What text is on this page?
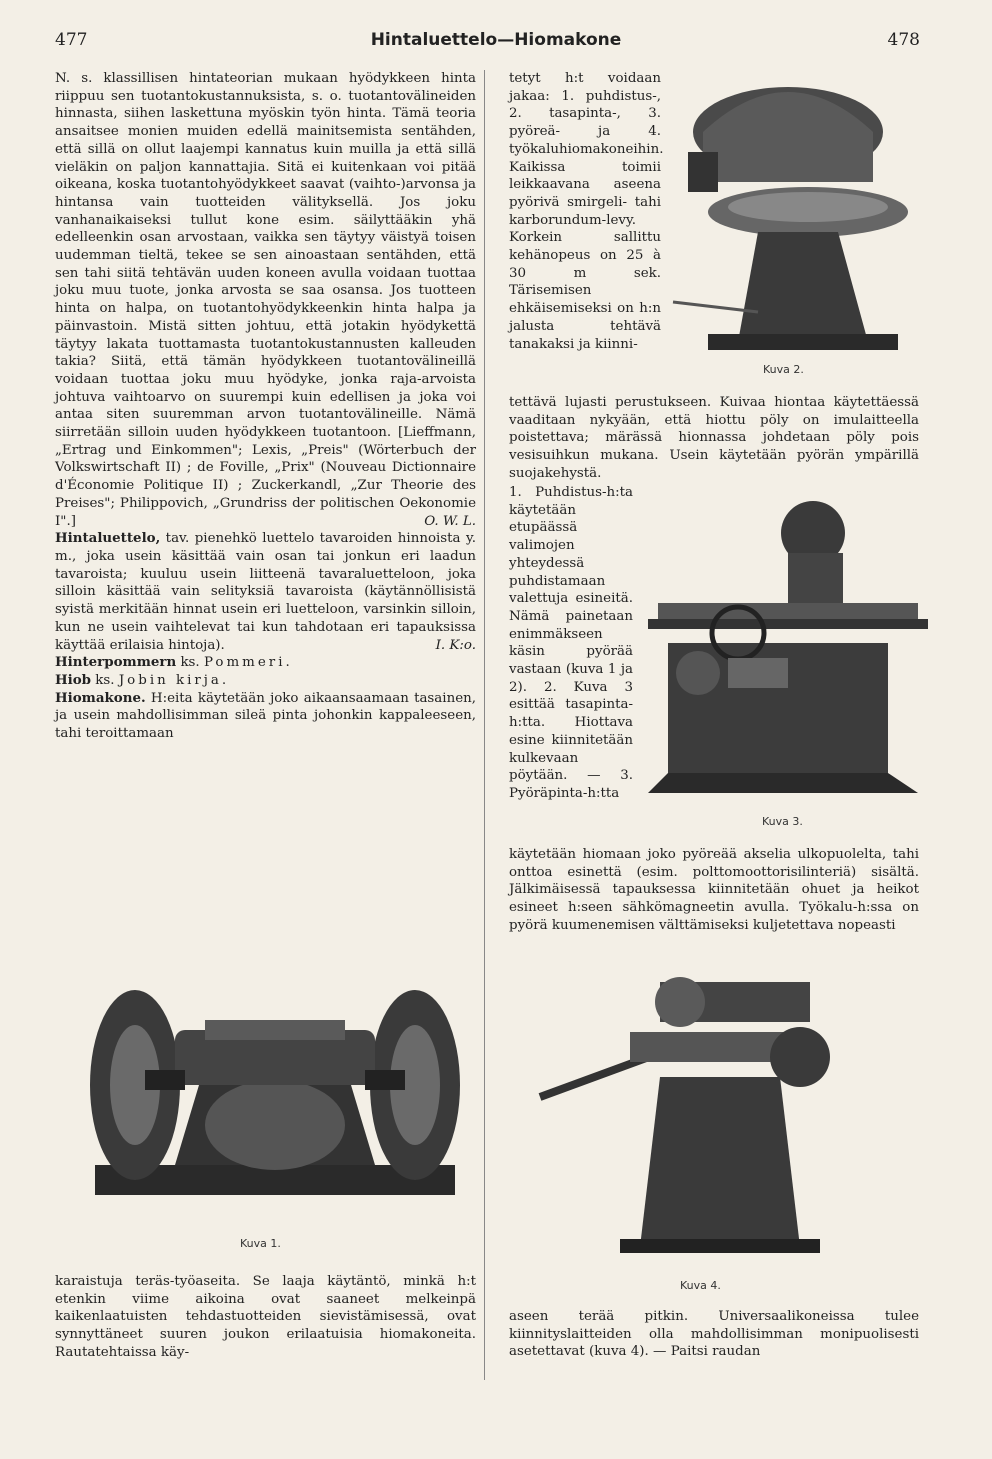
477	Hintaluettelo—Hiomakone	478

N. s. klassillisen hintateorian mukaan hyödykkeen hinta riippuu sen tuotantokustannuksista, s. o. tuotantovälineiden hinnasta, siihen laskettuna myöskin työn hinta. Tämä teoria ansaitsee monien muiden edellä mainitsemista sentähden, että sillä on ollut laajempi kannatus kuin muilla ja että sillä vieläkin on paljon kannattajia. Sitä ei kuitenkaan voi pitää oikeana, koska tuotantohyödykkeet saavat (vaihto-)arvonsa ja hintansa vain tuotteiden välityksellä. Jos joku vanhanaikaiseksi tullut kone esim. säilyttääkin yhä edelleenkin osan arvostaan, vaikka sen täytyy väistyä toisen uudemman tieltä, tekee se sen ainoastaan sentähden, että sen tahi siitä tehtävän uuden koneen avulla voidaan tuottaa joku muu tuote, jonka arvosta se saa osansa. Jos tuotteen hinta on halpa, on tuotantohyödykkeenkin hinta halpa ja päinvastoin. Mistä sitten johtuu, että jotakin hyödykettä täytyy lakata tuottamasta tuotantokustannusten kalleuden takia? Siitä, että tämän hyödykkeen tuotantovälineillä voidaan tuottaa joku muu hyödyke, jonka raja-arvoista johtuva vaihtoarvo on suurempi kuin edellisen ja joka voi antaa siten suuremman arvon tuotantovälineille. Nämä siirretään silloin uuden hyödykkeen tuotantoon. [Lieffmann, „Ertrag und Einkommen"; Lexis, „Preis" (Wörterbuch der Volkswirtschaft II) ; de Foville, „Prix" (Nouveau Dictionnaire d'Économie Politique II) ; Zuckerkandl, „Zur Theorie des Preises"; Philippovich, „Grundriss der politischen Oekonomie I".]	O. W. L.

Hintaluettelo, tav. pienehkö luettelo tavaroiden hinnoista y. m., joka usein käsittää vain osan tai jonkun eri laadun tavaroista; kuuluu usein liitteenä tavaraluetteloon, joka silloin käsittää vain selityksiä tavaroista (käytännöllisistä syistä merkitään hinnat usein eri luetteloon, varsinkin silloin, kun ne usein vaihtelevat tai kun tahdotaan eri tapauksissa käyttää erilaisia hintoja).	I. K:o.

Hinterpommern ks. Pommeri.

Hiob ks. Jobin kirja.

Hiomakone. H:eita käytetään joko aikaansaamaan tasainen, ja usein mahdollisimman sileä pinta johonkin kappaleeseen, tahi teroittamaan

Kuva 1.

karaistuja teräs-työaseita. Se laaja käytäntö, minkä h:t etenkin viime aikoina ovat saaneet melkeinpä kaikenlaatuisten tehdastuotteiden sievistämisessä, ovat synnyttäneet suuren joukon erilaatuisia hiomakoneita. Rautatehtaissa käy-

tetyt h:t voidaan jakaa: 1. puhdistus-, 2. tasapinta-, 3. pyöreä- ja 4. työkaluhiomakoneihin. Kaikissa toimii leikkaavana aseena pyörivä smirgeli- tahi karborundum-levy. Korkein sallittu kehänopeus on 25 à 30 m sek. Tärisemisen ehkäisemiseksi on h:n jalusta tehtävä tanakaksi ja kiinni-

Kuva 2.

tettävä lujasti perustukseen. Kuivaa hiontaa käytettäessä vaaditaan nykyään, että hiottu pöly on imulaitteella poistettava; märässä hionnassa johdetaan pöly pois vesisuihkun mukana. Usein käytetään pyörän ympärillä suojakehystä.

1. Puhdistus-h:ta käytetään etupäässä valimojen yhteydessä puhdistamaan valettuja esineitä. Nämä painetaan enimmäkseen käsin pyörää vastaan (kuva 1 ja 2). 2. Kuva 3 esittää tasapinta-h:tta. Hiottava esine kiinnitetään kulkevaan pöytään. — 3. Pyöräpinta-h:tta

Kuva 3.

käytetään hiomaan joko pyöreää akselia ulkopuolelta, tahi onttoa esinettä (esim. polttomoottorisilinteriä) sisältä. Jälkimäisessä tapauksessa kiinnitetään ohuet ja heikot esineet h:seen sähkömagneetin avulla. Työkalu-h:ssa on pyörä kuumenemisen välttämiseksi kuljetettava nopeasti

Kuva 4.

aseen terää pitkin. Universaalikoneissa tulee kiinnityslaitteiden olla mahdollisimman monipuolisesti asetettavat (kuva 4). — Paitsi raudan
